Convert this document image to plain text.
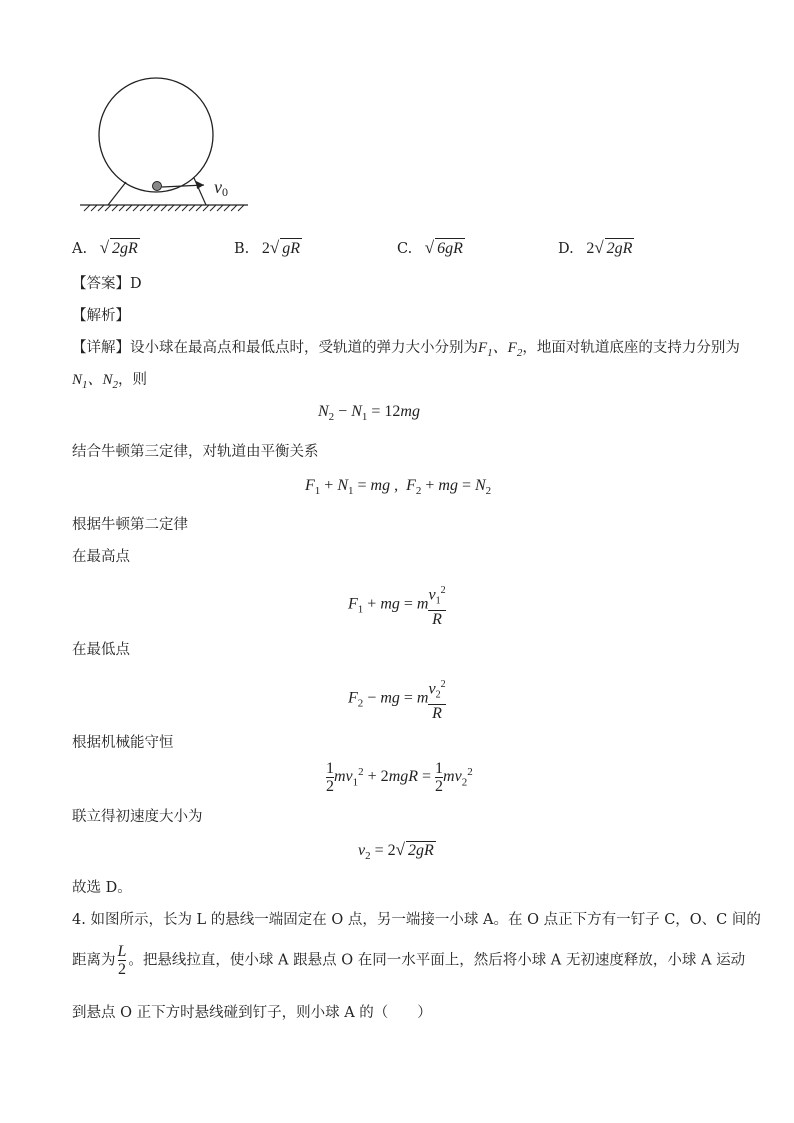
v0
A. √ 2gR	B. 2√ gR	C. √ 6gR	D. 2√ 2gR
【答案】D
【解析】
【详解】设小球在最高点和最低点时，受轨道的弹力大小分别为$F_1$、$F_2$，地面对轨道底座的支持力分别为
$N_1$、$N_2$，则
$N_2 - N_1 = 12mg$
结合牛顿第三定律，对轨道由平衡关系
$F_1 + N_1$ = mg ,  $F_2$ + mg = $N_2$
根据牛顿第二定律
在最高点
$F_1$ + mg = m $\frac{v_1^2}{R}$
在最低点
$F_2$ − mg = m $\frac{v_2^2}{R}$
根据机械能守恒
$\frac{1}{2} mv_1^2 + 2mgR = \frac{1}{2} mv_2^2$
联立得初速度大小为
$v_2 = 2√$ 2gR
故选 D。
4. 如图所示，长为 L 的悬线一端固定在 O 点，另一端接一小球 A。在 O 点正下方有一钉子 C，O、C 间的
距离为 $\frac{L}{2}$ 。把悬线拉直，使小球 A 跟悬点 O 在同一水平面上，然后将小球 A 无初速度释放，小球 A 运动
到悬点 O 正下方时悬线碰到钉子，则小球 A 的（　　）
